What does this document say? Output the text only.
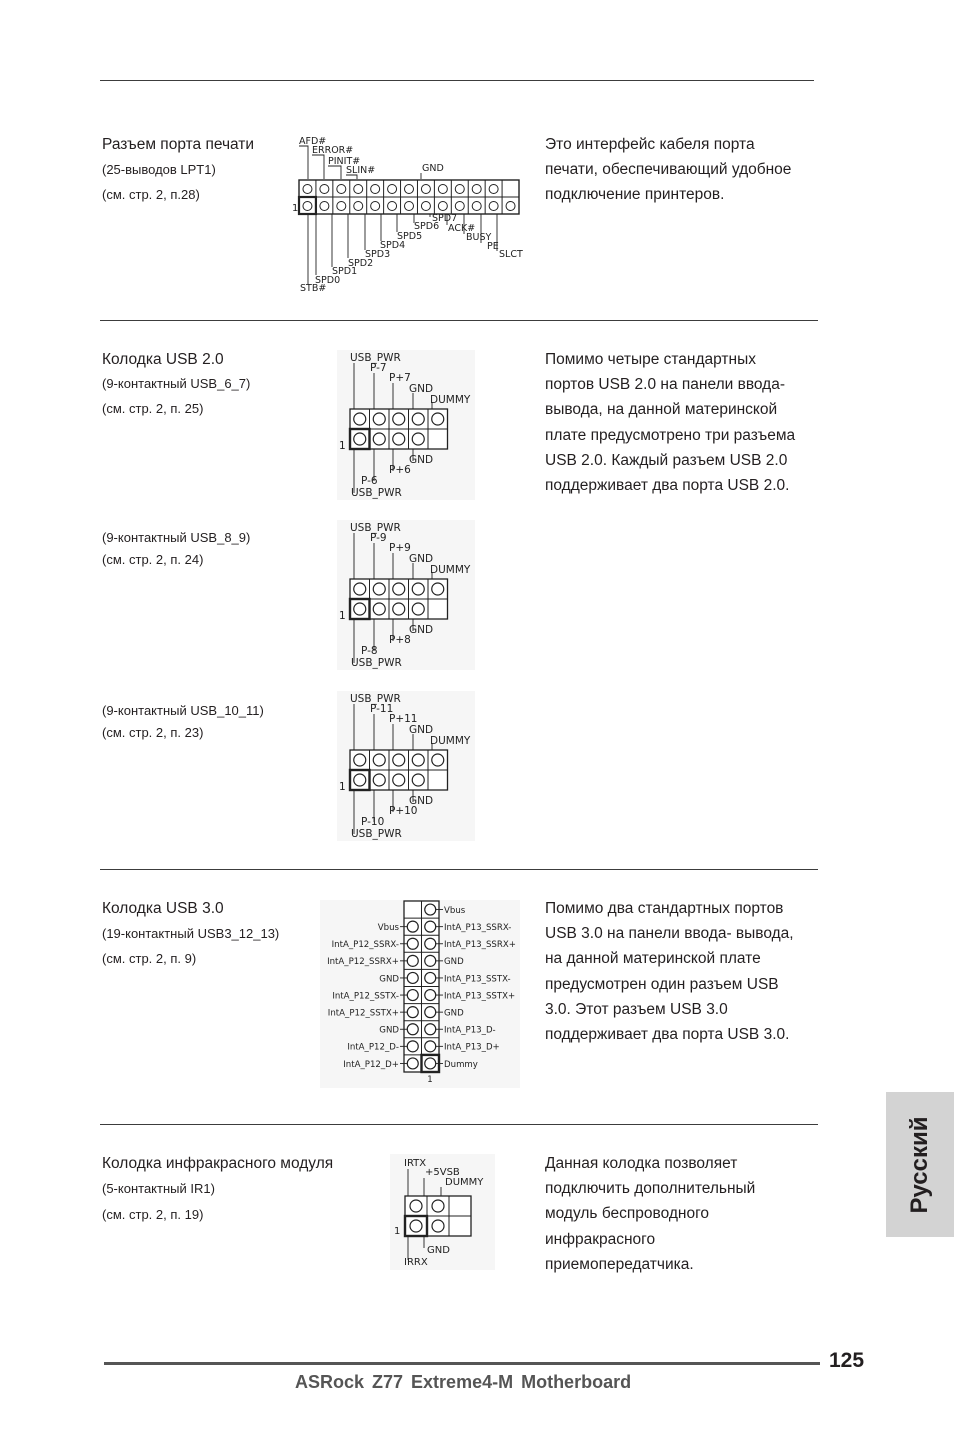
Разъем порта печати
(25-выводов LPT1)
(см. стр. 2, п.28)
Это интерфейс кабеля порта
печати, обеспечивающий удобное
подключение принтеров.
1
AFD#
ERROR#
PINIT#
SLIN#	GND
SPD7
ACK#
SPD6
BUSY
SPD5
PE
SPD4
SLCT
SPD3
SPD2
SPD1
SPD0
STB#
Колодка USB 2.0
(9-контактный USB_6_7)
(см. стр. 2, п. 25)
(9-контактный USB_8_9)
(см. стр. 2, п. 24)
(9-контактный USB_10_11)
(см. стр. 2, п. 23)
Помимо четыре стандартных
портов USB 2.0 на панели ввода-
вывода, на данной материнской
плате предусмотрено три разъема
USB 2.0. Каждый разъем USB 2.0
поддерживает два порта USB 2.0.
USB_PWR
P-7
P+7
GND
DUMMY
1
GND
P+6
P-6
USB_PWR
USB_PWR
P-9
P+9
GND
DUMMY
1
GND
P+8
P-8
USB_PWR
USB_PWR
P-11
P+11
GND
DUMMY
1
GND
P+10
P-10
USB_PWR
Колодка USB 3.0
(19-контактный USB3_12_13)
(см. стр. 2, п. 9)
Помимо два стандартных портов
USB 3.0 на панели ввода- вывода,
на данной материнской плате
предусмотрен один разъем USB
3.0. Этот разъем USB 3.0
поддерживает два порта USB 3.0.
Vbus
Vbus	IntA_P13_SSRX-
IntA_P12_SSRX-	IntA_P13_SSRX+
IntA_P12_SSRX+	GND
GND	IntA_P13_SSTX-
IntA_P12_SSTX-	IntA_P13_SSTX+
IntA_P12_SSTX+	GND
GND	IntA_P13_D-
IntA_P12_D-	IntA_P13_D+
IntA_P12_D+	Dummy
1
Колодка инфракрасного модуля
(5-контактный IR1)
(см. стр. 2, п. 19)
Данная колодка позволяет
подключить дополнительный
модуль беспроводного
инфракрасного
приемопередатчика.
IRTX
+5VSB
DUMMY
1
GND
IRRX
Русский
125
ASRock Z77 Extreme4-M Motherboard
